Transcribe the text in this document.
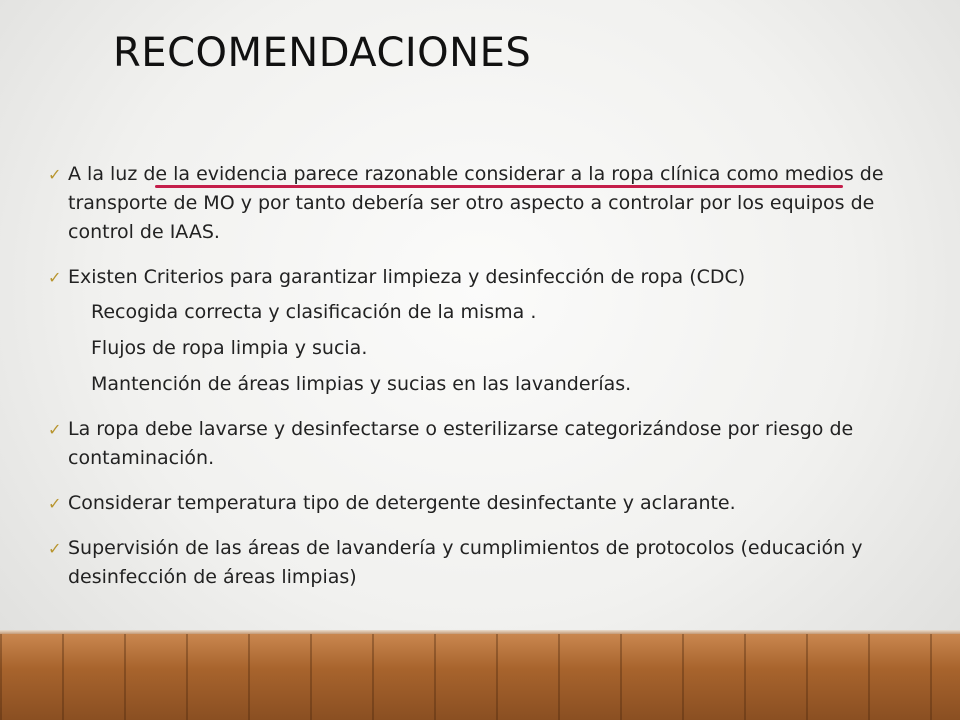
RECOMENDACIONES
✓ A la luz de la evidencia parece razonable considerar a la ropa clínica como medios de transporte de MO y por tanto debería ser otro aspecto a controlar por los equipos de control de IAAS.
✓ Existen Criterios para garantizar limpieza y desinfección de ropa (CDC)
Recogida correcta y clasificación de la misma .
Flujos de ropa limpia y sucia.
Mantención de áreas limpias y sucias en las lavanderías.
✓ La ropa debe lavarse y desinfectarse o esterilizarse categorizándose por riesgo de contaminación.
✓ Considerar temperatura tipo de detergente desinfectante y aclarante.
✓ Supervisión de las áreas de lavandería y cumplimientos de protocolos (educación y desinfección de áreas limpias)
